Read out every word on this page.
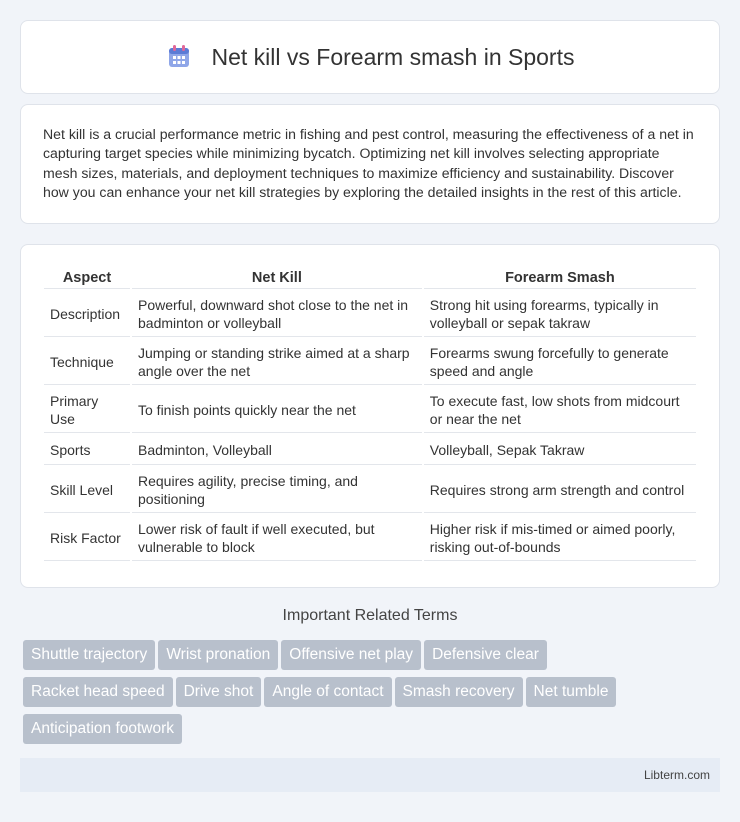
Net kill vs Forearm smash in Sports

Net kill is a crucial performance metric in fishing and pest control, measuring the effectiveness of a net in capturing target species while minimizing bycatch. Optimizing net kill involves selecting appropriate mesh sizes, materials, and deployment techniques to maximize efficiency and sustainability. Discover how you can enhance your net kill strategies by exploring the detailed insights in the rest of this article.

Aspect	Net Kill	Forearm Smash
Description	Powerful, downward shot close to the net in badminton or volleyball	Strong hit using forearms, typically in volleyball or sepak takraw
Technique	Jumping or standing strike aimed at a sharp angle over the net	Forearms swung forcefully to generate speed and angle
Primary Use	To finish points quickly near the net	To execute fast, low shots from midcourt or near the net
Sports	Badminton, Volleyball	Volleyball, Sepak Takraw
Skill Level	Requires agility, precise timing, and positioning	Requires strong arm strength and control
Risk Factor	Lower risk of fault if well executed, but vulnerable to block	Higher risk if mis-timed or aimed poorly, risking out-of-bounds
Important Related Terms
Shuttle trajectory Wrist pronation Offensive net play Defensive clear
Racket head speed Drive shot Angle of contact Smash recovery Net tumble
Anticipation footwork
Libterm.com
